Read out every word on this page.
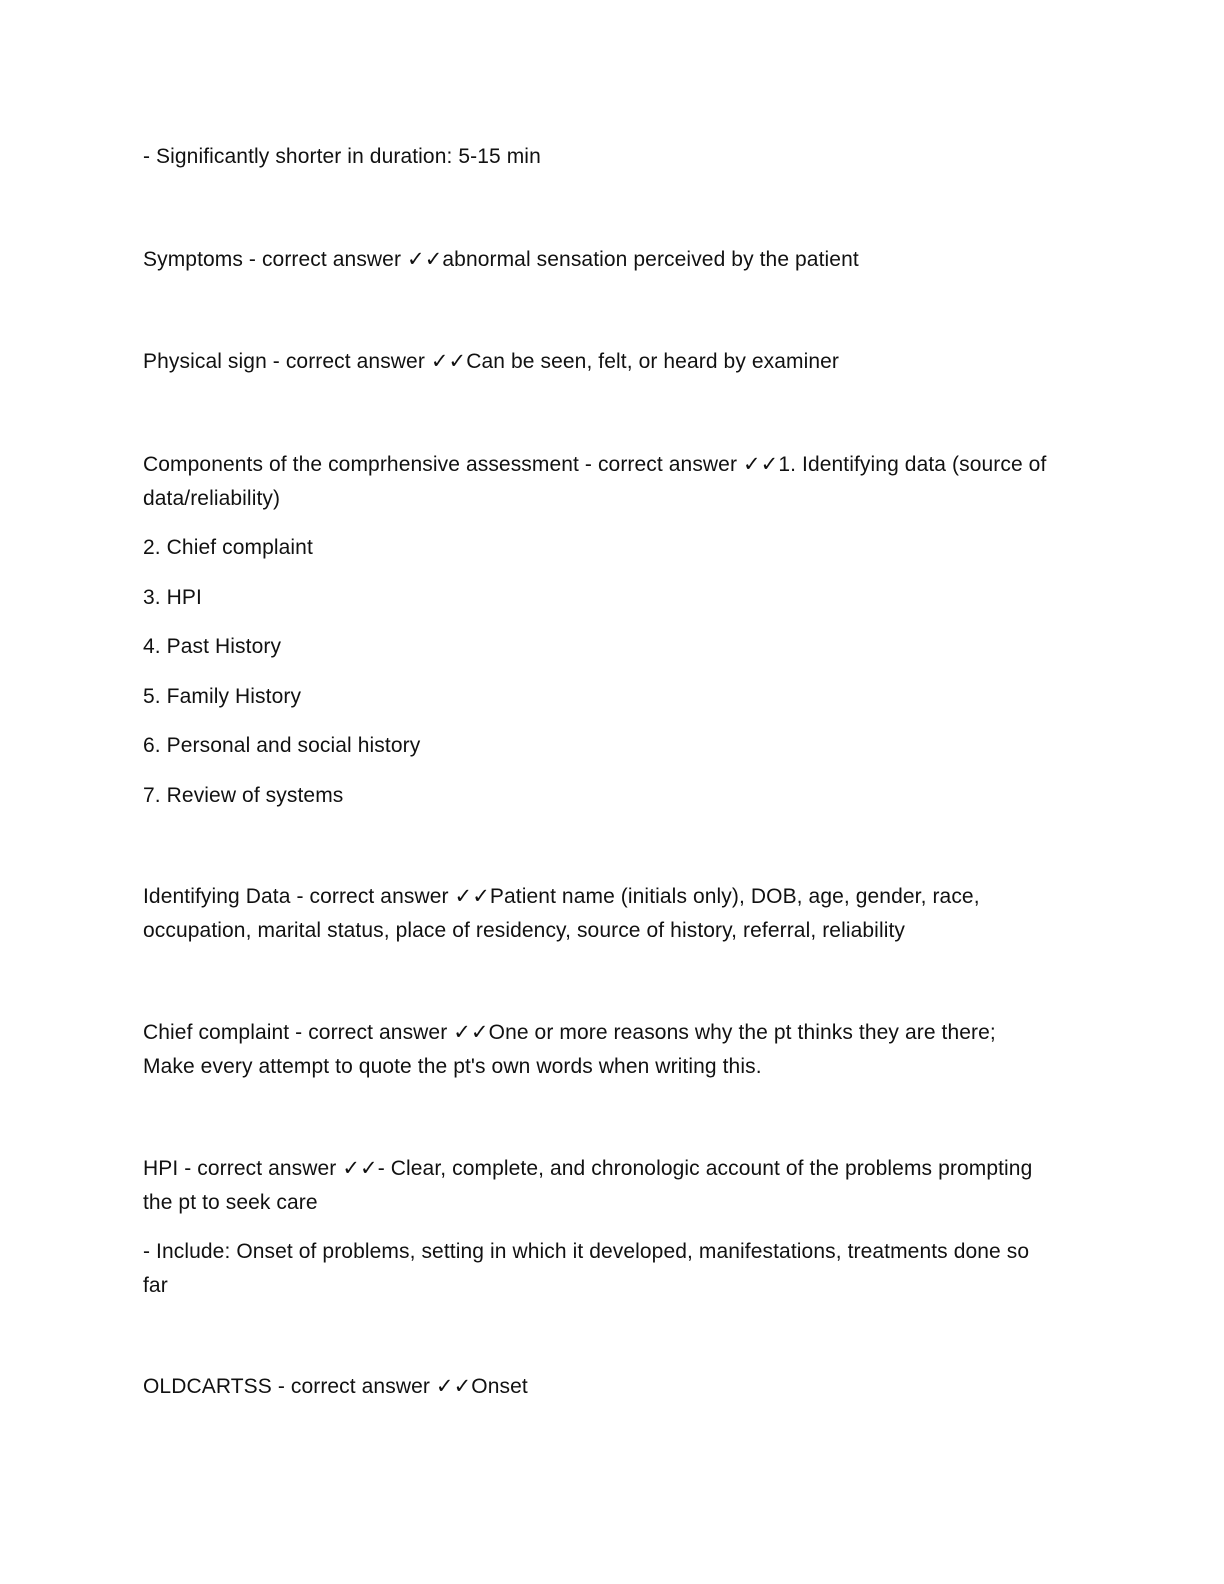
- Significantly shorter in duration: 5-15 min
Symptoms - correct answer ✓✓abnormal sensation perceived by the patient
Physical sign - correct answer ✓✓Can be seen, felt, or heard by examiner
Components of the comprhensive assessment - correct answer ✓✓1. Identifying data (source of
data/reliability)
2. Chief complaint
3. HPI
4. Past History
5. Family History
6. Personal and social history
7. Review of systems
Identifying Data - correct answer ✓✓Patient name (initials only), DOB, age, gender, race,
occupation, marital status, place of residency, source of history, referral, reliability
Chief complaint - correct answer ✓✓One or more reasons why the pt thinks they are there;
Make every attempt to quote the pt's own words when writing this.
HPI - correct answer ✓✓- Clear, complete, and chronologic account of the problems prompting
the pt to seek care
- Include: Onset of problems, setting in which it developed, manifestations, treatments done so
far
OLDCARTSS - correct answer ✓✓Onset
